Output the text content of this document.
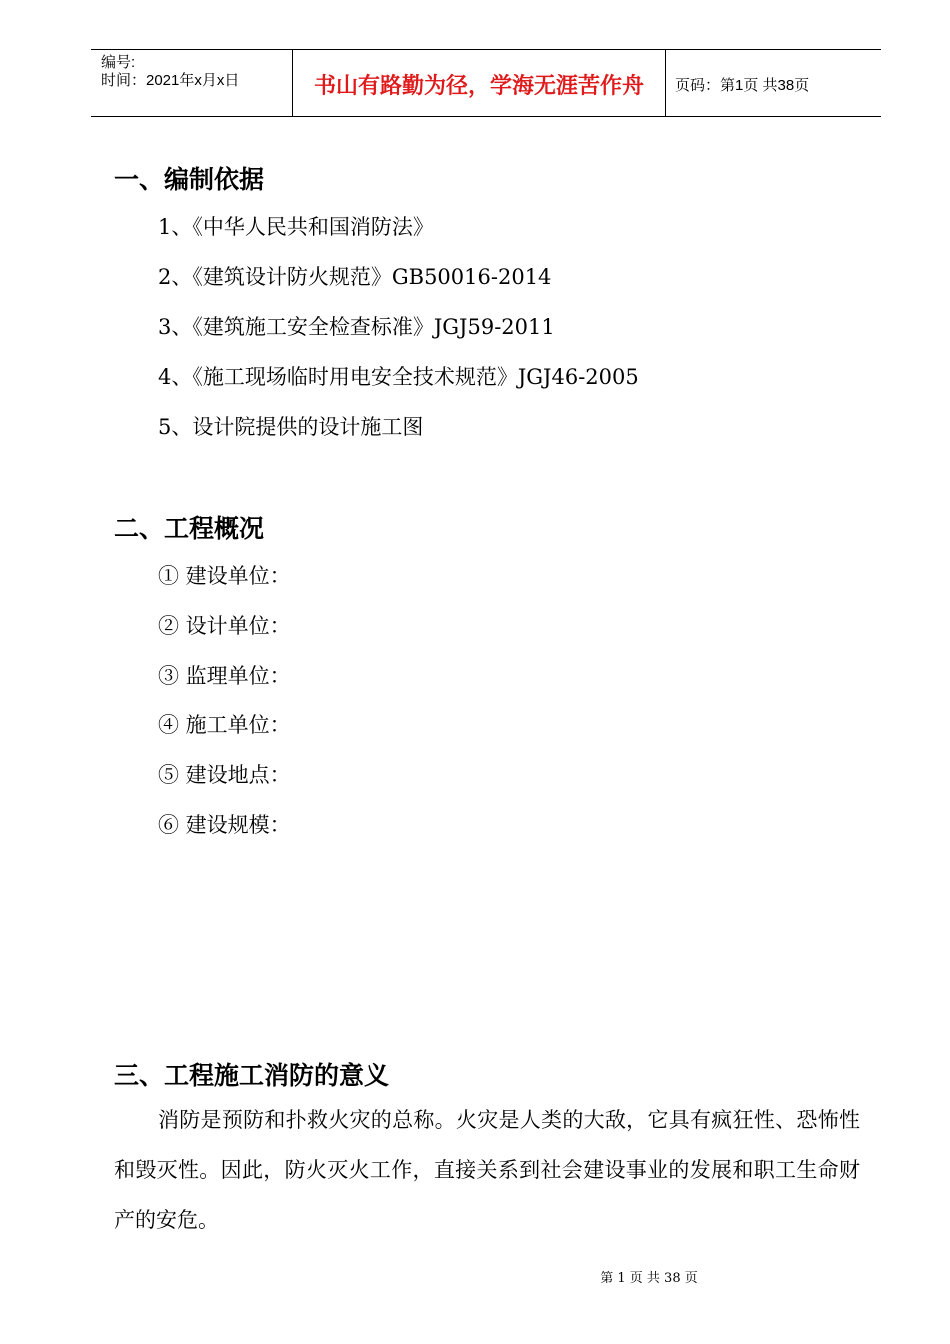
编号:
时间：2021年x月x日	书山有路勤为径，学海无涯苦作舟	页码：第1页 共38页
一、编制依据
1、《中华人民共和国消防法》
2、《建筑设计防火规范》GB50016-2014
3、《建筑施工安全检查标准》JGJ59-2011
4、《施工现场临时用电安全技术规范》JGJ46-2005
5、设计院提供的设计施工图
二、工程概况
① 建设单位：
② 设计单位：
③ 监理单位：
④ 施工单位：
⑤ 建设地点：
⑥ 建设规模：
三、工程施工消防的意义
消防是预防和扑救火灾的总称。火灾是人类的大敌，它具有疯狂性、恐怖性和毁灭性。因此，防火灭火工作，直接关系到社会建设事业的发展和职工生命财产的安危。
第 1 页 共 38 页
